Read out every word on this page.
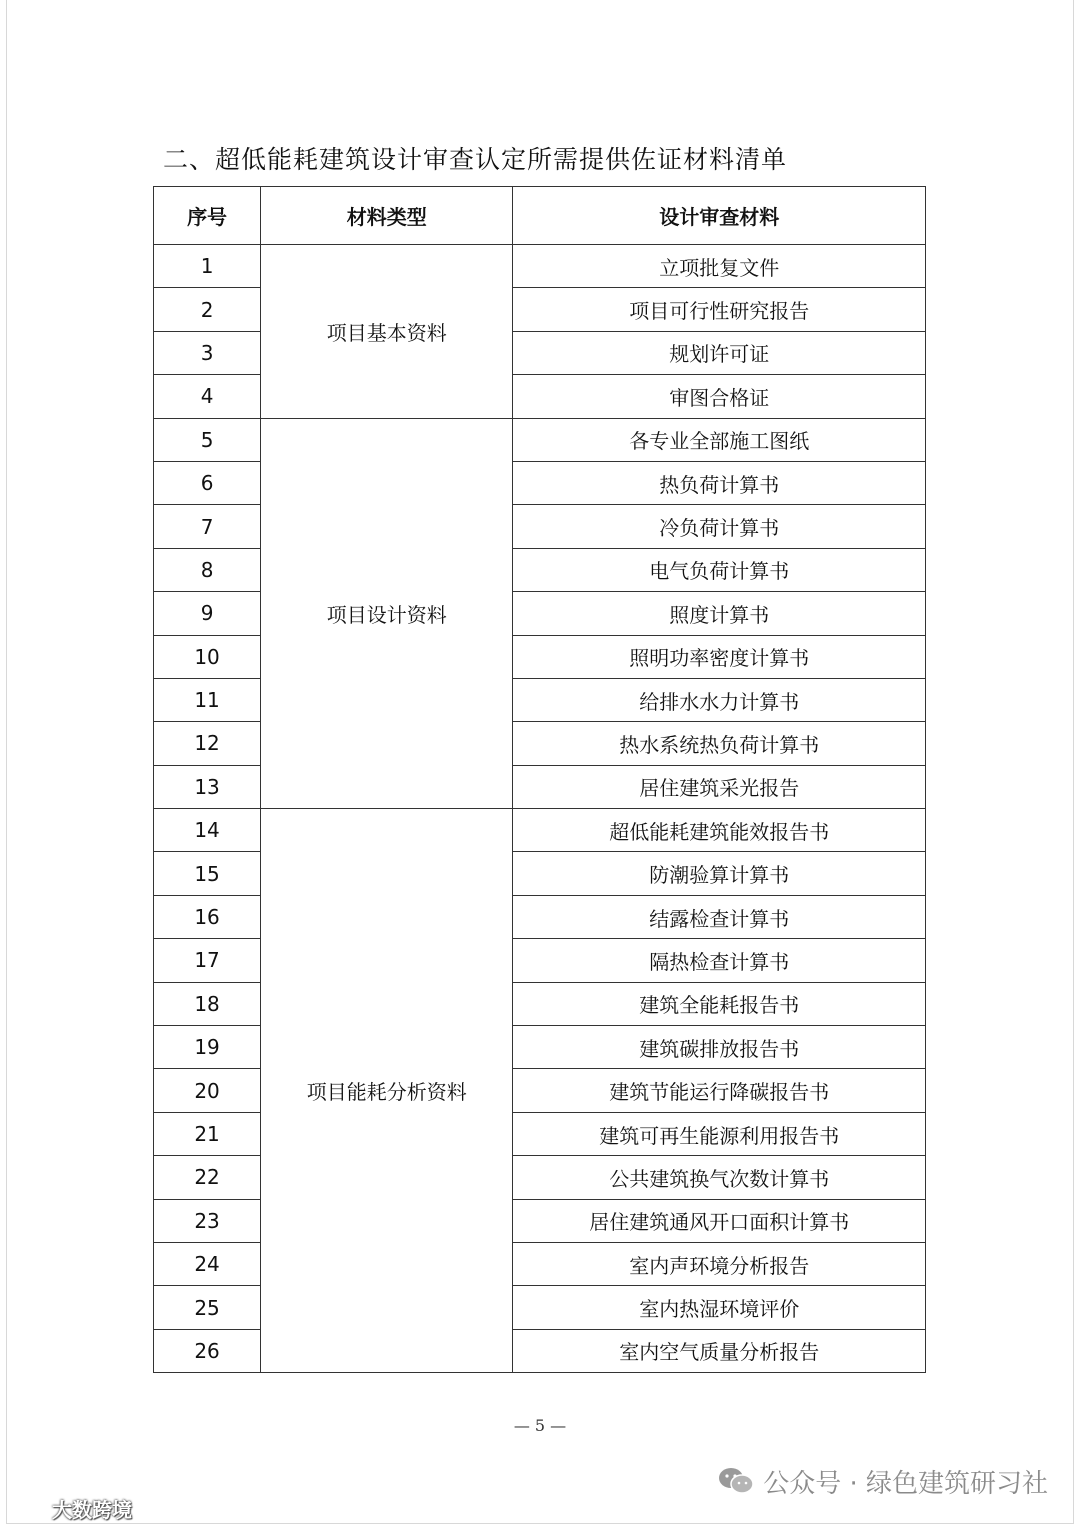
二、超低能耗建筑设计审查认定所需提供佐证材料清单
序号	材料类型	设计审查材料
1	项目基本资料	立项批复文件
2		项目可行性研究报告
3		规划许可证
4		审图合格证
5	项目设计资料	各专业全部施工图纸
6		热负荷计算书
7		冷负荷计算书
8		电气负荷计算书
9		照度计算书
10		照明功率密度计算书
11		给排水水力计算书
12		热水系统热负荷计算书
13		居住建筑采光报告
14	项目能耗分析资料	超低能耗建筑能效报告书
15		防潮验算计算书
16		结露检查计算书
17		隔热检查计算书
18		建筑全能耗报告书
19		建筑碳排放报告书
20		建筑节能运行降碳报告书
21		建筑可再生能源利用报告书
22		公共建筑换气次数计算书
23		居住建筑通风开口面积计算书
24		室内声环境分析报告
25		室内热湿环境评价
26		室内空气质量分析报告
— 5 —
公众号 · 绿色建筑研习社
大数跨境
